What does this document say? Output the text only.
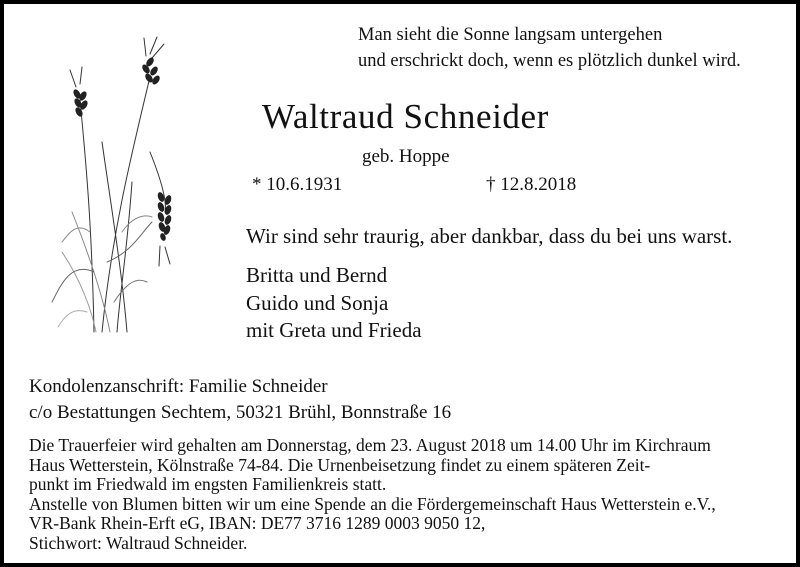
Man sieht die Sonne langsam untergehen
und erschrickt doch, wenn es plötzlich dunkel wird.
Waltraud Schneider
geb. Hoppe
* 10.6.1931	† 12.8.2018
Wir sind sehr traurig, aber dankbar, dass du bei uns warst.
Britta und Bernd
Guido und Sonja
mit Greta und Frieda
Kondolenzanschrift: Familie Schneider
c/o Bestattungen Sechtem, 50321 Brühl, Bonnstraße 16
Die Trauerfeier wird gehalten am Donnerstag, dem 23. August 2018 um 14.00 Uhr im Kirchraum
Haus Wetterstein, Kölnstraße 74-84. Die Urnenbeisetzung findet zu einem späteren Zeit-
punkt im Friedwald im engsten Familienkreis statt.
Anstelle von Blumen bitten wir um eine Spende an die Fördergemeinschaft Haus Wetterstein e.V.,
VR-Bank Rhein-Erft eG, IBAN: DE77 3716 1289 0003 9050 12,
Stichwort: Waltraud Schneider.
